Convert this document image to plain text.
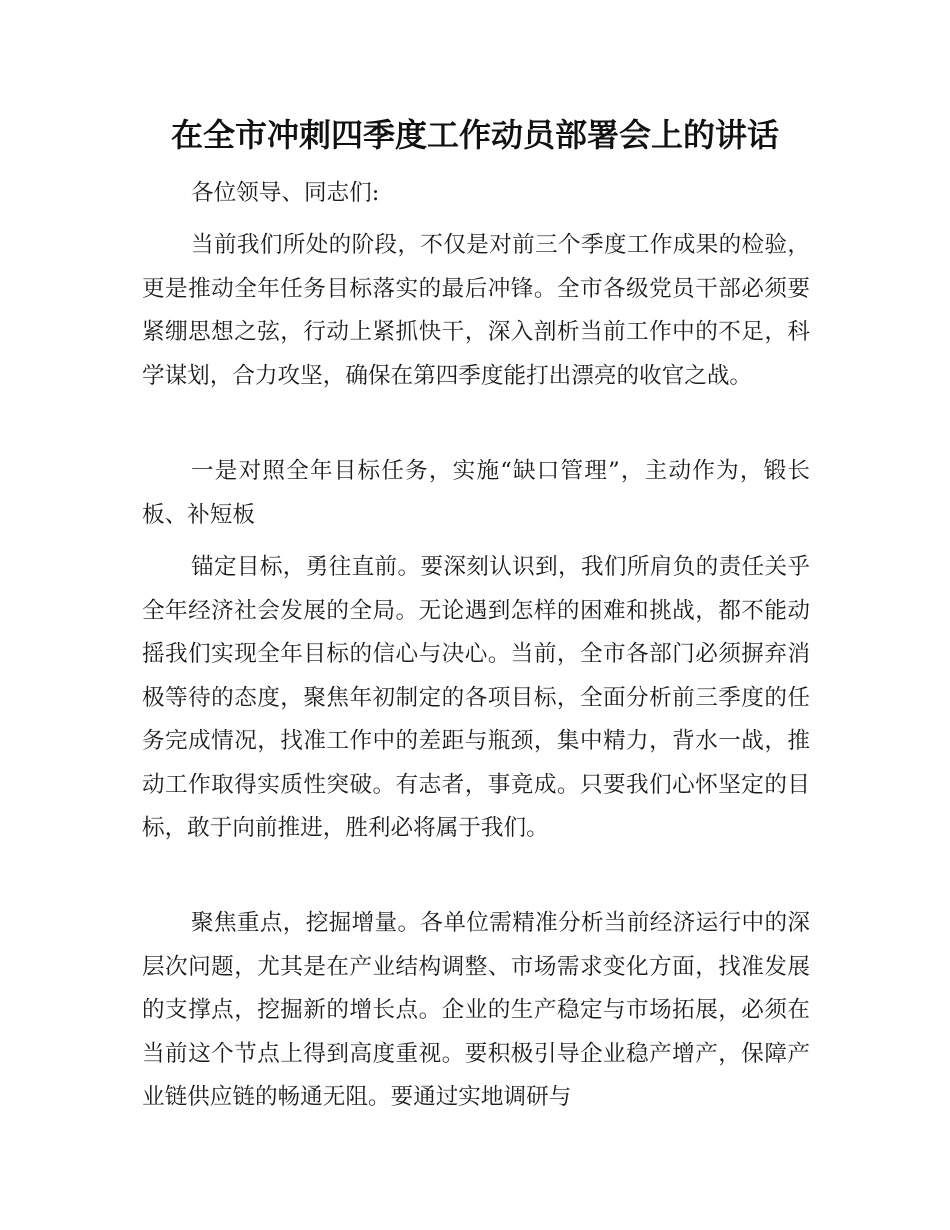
在全市冲刺四季度工作动员部署会上的讲话

各位领导、同志们:

当前我们所处的阶段，不仅是对前三个季度工作成果的检验，更是推动全年任务目标落实的最后冲锋。全市各级党员干部必须要紧绷思想之弦，行动上紧抓快干，深入剖析当前工作中的不足，科学谋划，合力攻坚，确保在第四季度能打出漂亮的收官之战。

一是对照全年目标任务，实施“缺口管理”，主动作为，锻长板、补短板

锚定目标，勇往直前。要深刻认识到，我们所肩负的责任关乎全年经济社会发展的全局。无论遇到怎样的困难和挑战，都不能动摇我们实现全年目标的信心与决心。当前，全市各部门必须摒弃消极等待的态度，聚焦年初制定的各项目标，全面分析前三季度的任务完成情况，找准工作中的差距与瓶颈，集中精力，背水一战，推动工作取得实质性突破。有志者，事竟成。只要我们心怀坚定的目标，敢于向前推进，胜利必将属于我们。

聚焦重点，挖掘增量。各单位需精准分析当前经济运行中的深层次问题，尤其是在产业结构调整、市场需求变化方面，找准发展的支撑点，挖掘新的增长点。企业的生产稳定与市场拓展，必须在当前这个节点上得到高度重视。要积极引导企业稳产增产，保障产业链供应链的畅通无阻。要通过实地调研与
